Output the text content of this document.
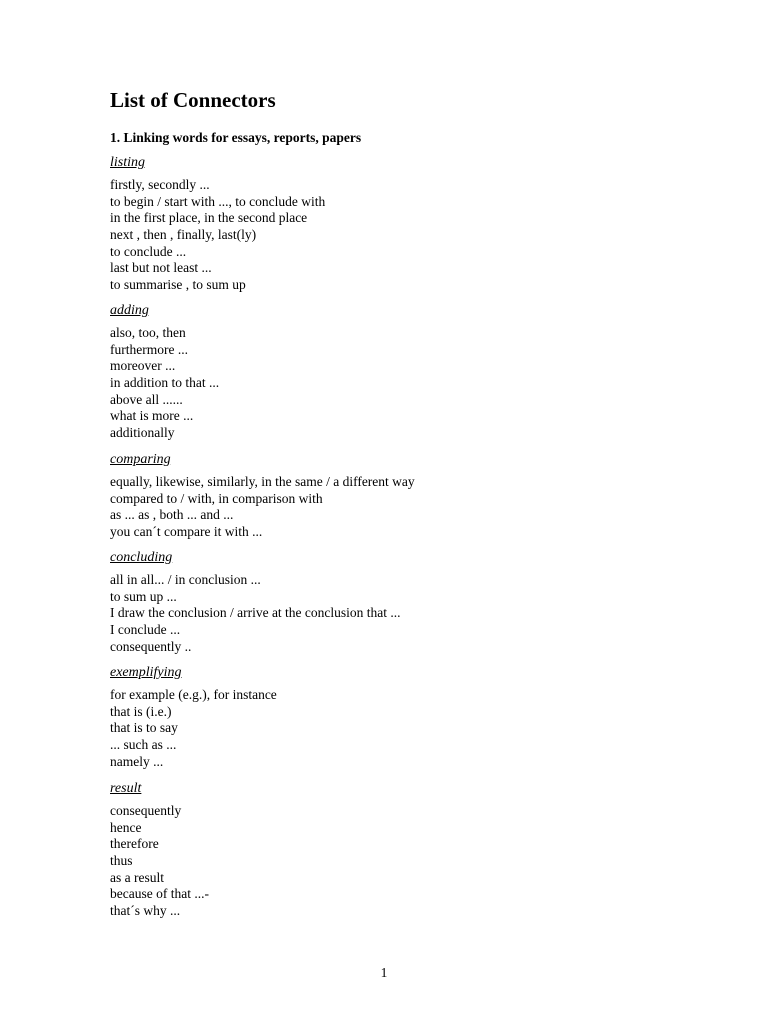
List of Connectors
1. Linking words for essays, reports, papers
listing
firstly, secondly ...
to begin / start with ..., to conclude with
in the first place, in the second place
next , then , finally, last(ly)
to conclude ...
last but not least ...
to summarise , to sum up
adding
also, too, then
furthermore ...
moreover ...
in addition to that ...
above all ......
what is more ...
additionally
comparing
equally, likewise, similarly, in the same / a different way
compared to / with, in comparison with
as ... as , both ... and ...
you can´t compare it with ...
concluding
all in all... / in conclusion ...
to sum up ...
I draw the conclusion / arrive at the conclusion that ...
I conclude ...
consequently ..
exemplifying
for example (e.g.), for instance
that is (i.e.)
that is to say
... such as ...
namely ...
result
consequently
hence
therefore
thus
as a result
because of that ...-
that´s why ...
1
